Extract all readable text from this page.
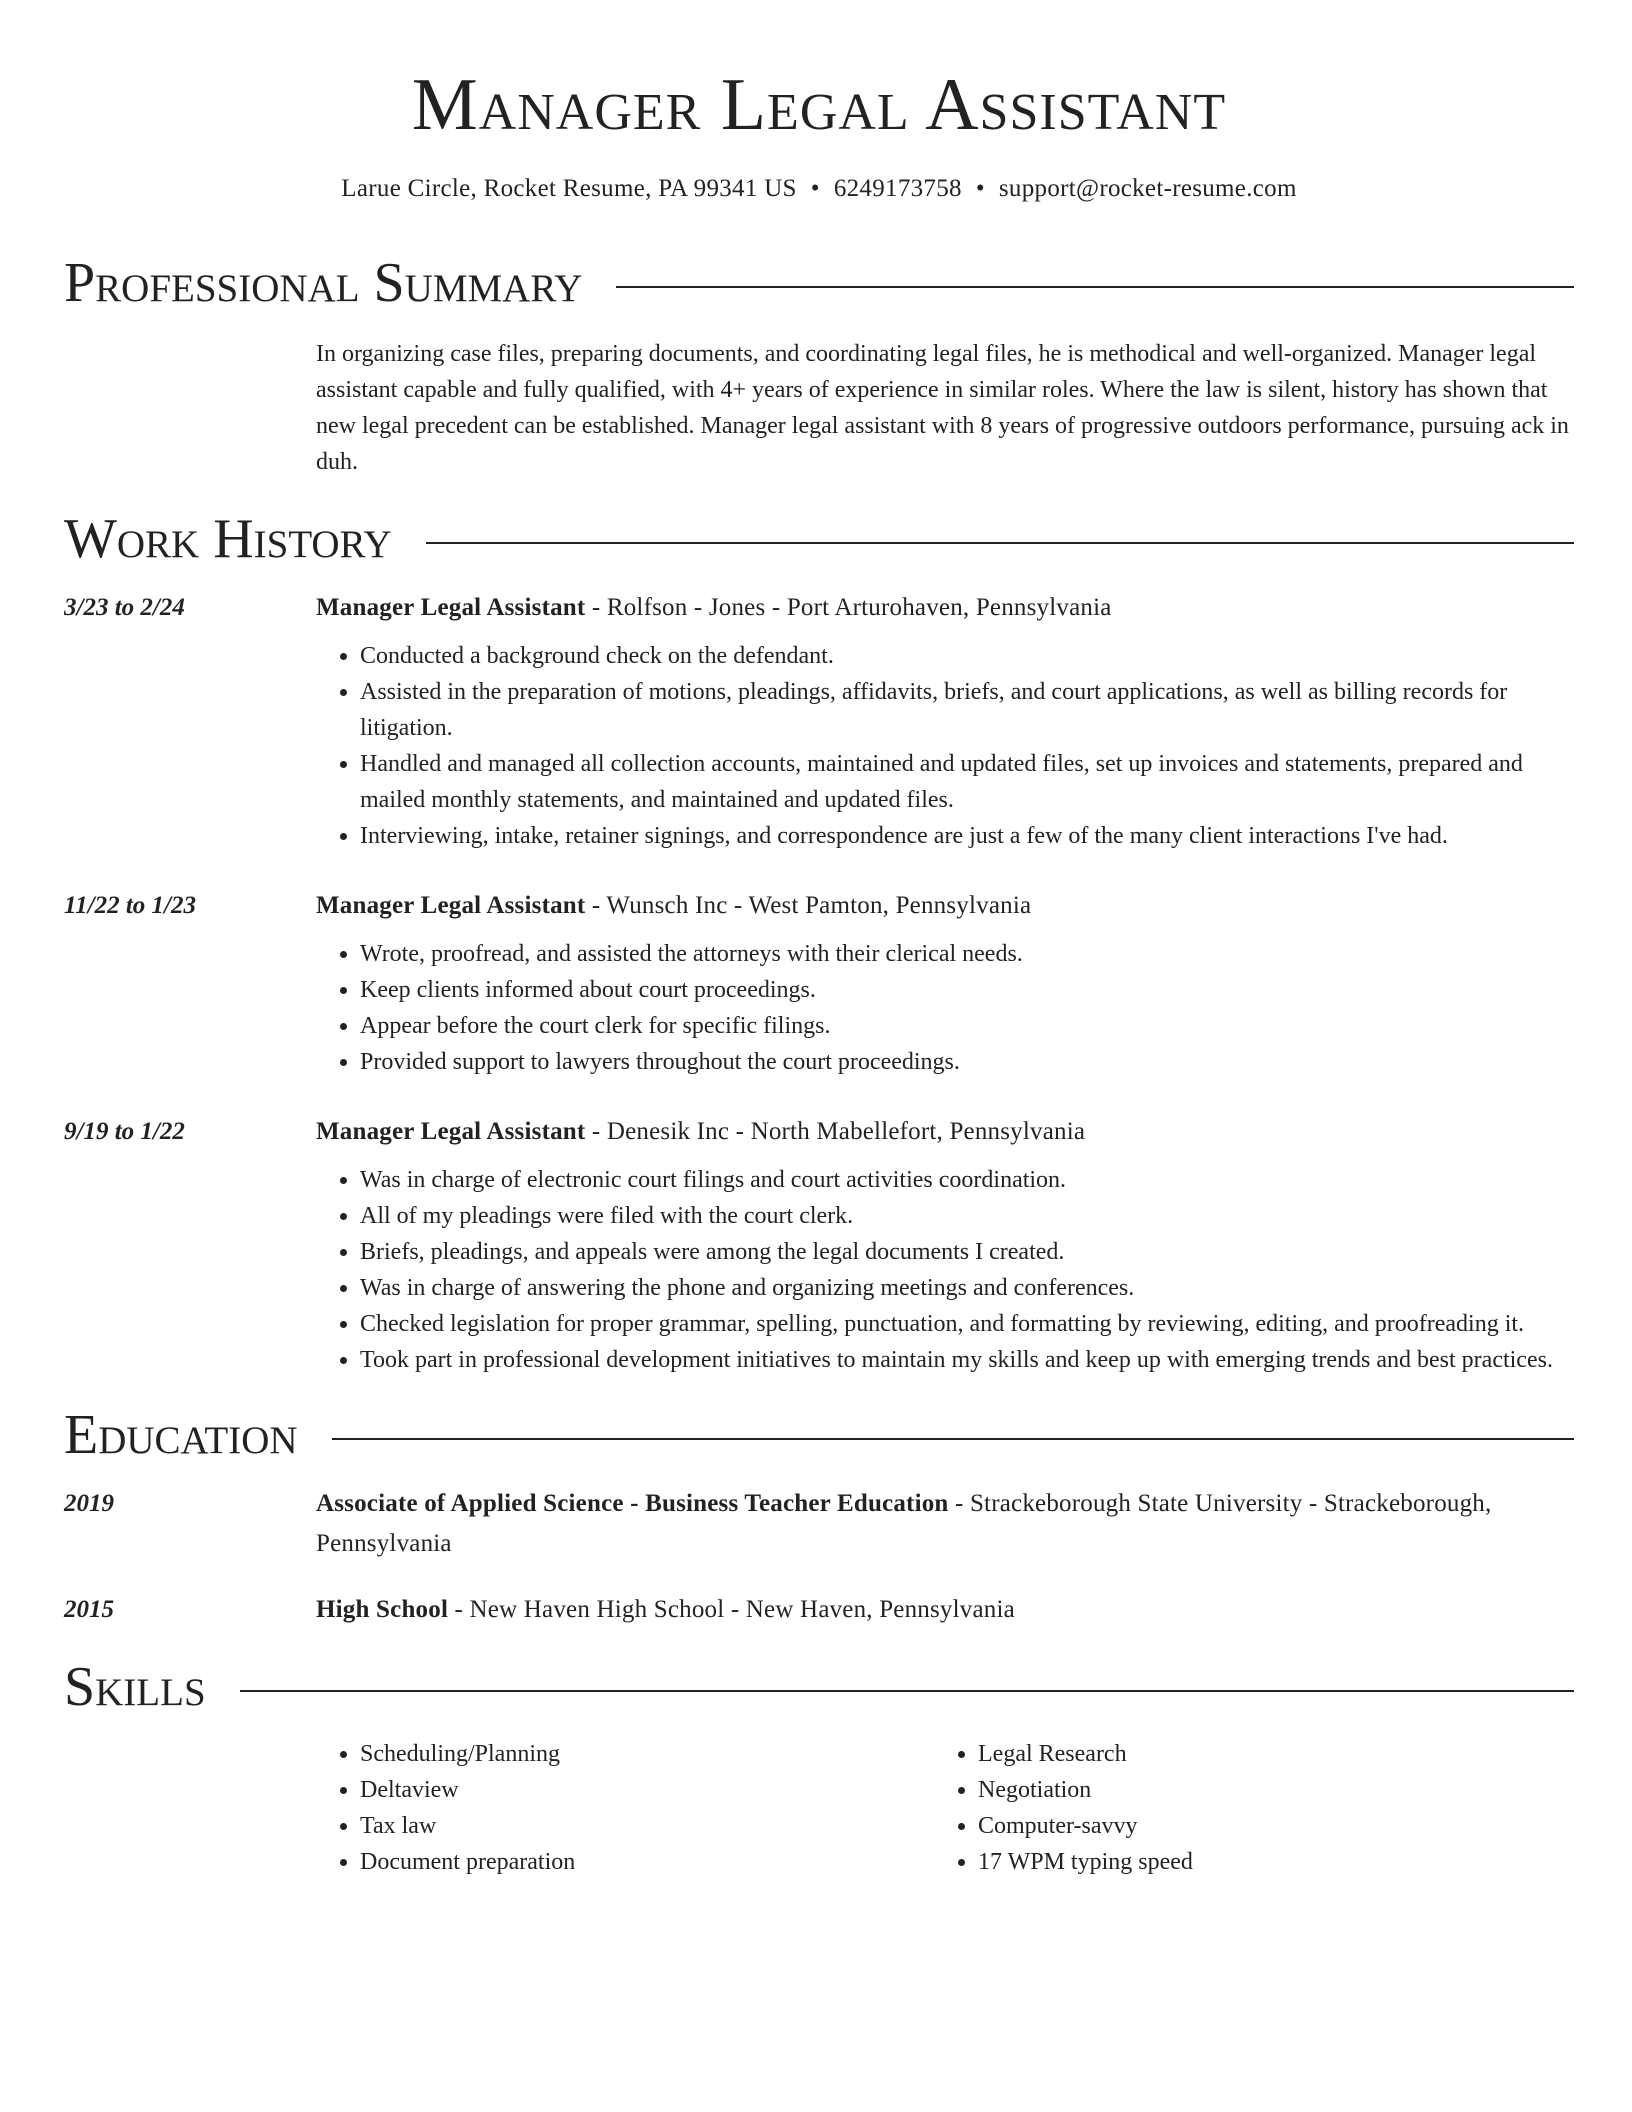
Manager Legal Assistant
Larue Circle, Rocket Resume, PA 99341 US • 6249173758 • support@rocket-resume.com
Professional Summary
In organizing case files, preparing documents, and coordinating legal files, he is methodical and well-organized. Manager legal assistant capable and fully qualified, with 4+ years of experience in similar roles. Where the law is silent, history has shown that new legal precedent can be established. Manager legal assistant with 8 years of progressive outdoors performance, pursuing ack in duh.
Work History
3/23 to 2/24	Manager Legal Assistant - Rolfson - Jones - Port Arturohaven, Pennsylvania
• Conducted a background check on the defendant.
• Assisted in the preparation of motions, pleadings, affidavits, briefs, and court applications, as well as billing records for litigation.
• Handled and managed all collection accounts, maintained and updated files, set up invoices and statements, prepared and mailed monthly statements, and maintained and updated files.
• Interviewing, intake, retainer signings, and correspondence are just a few of the many client interactions I've had.
11/22 to 1/23	Manager Legal Assistant - Wunsch Inc - West Pamton, Pennsylvania
• Wrote, proofread, and assisted the attorneys with their clerical needs.
• Keep clients informed about court proceedings.
• Appear before the court clerk for specific filings.
• Provided support to lawyers throughout the court proceedings.
9/19 to 1/22	Manager Legal Assistant - Denesik Inc - North Mabellefort, Pennsylvania
• Was in charge of electronic court filings and court activities coordination.
• All of my pleadings were filed with the court clerk.
• Briefs, pleadings, and appeals were among the legal documents I created.
• Was in charge of answering the phone and organizing meetings and conferences.
• Checked legislation for proper grammar, spelling, punctuation, and formatting by reviewing, editing, and proofreading it.
• Took part in professional development initiatives to maintain my skills and keep up with emerging trends and best practices.
Education
2019	Associate of Applied Science - Business Teacher Education - Strackeborough State University - Strackeborough, Pennsylvania
2015	High School - New Haven High School - New Haven, Pennsylvania
Skills
• Scheduling/Planning
• Deltaview
• Tax law
• Document preparation
• Legal Research
• Negotiation
• Computer-savvy
• 17 WPM typing speed
